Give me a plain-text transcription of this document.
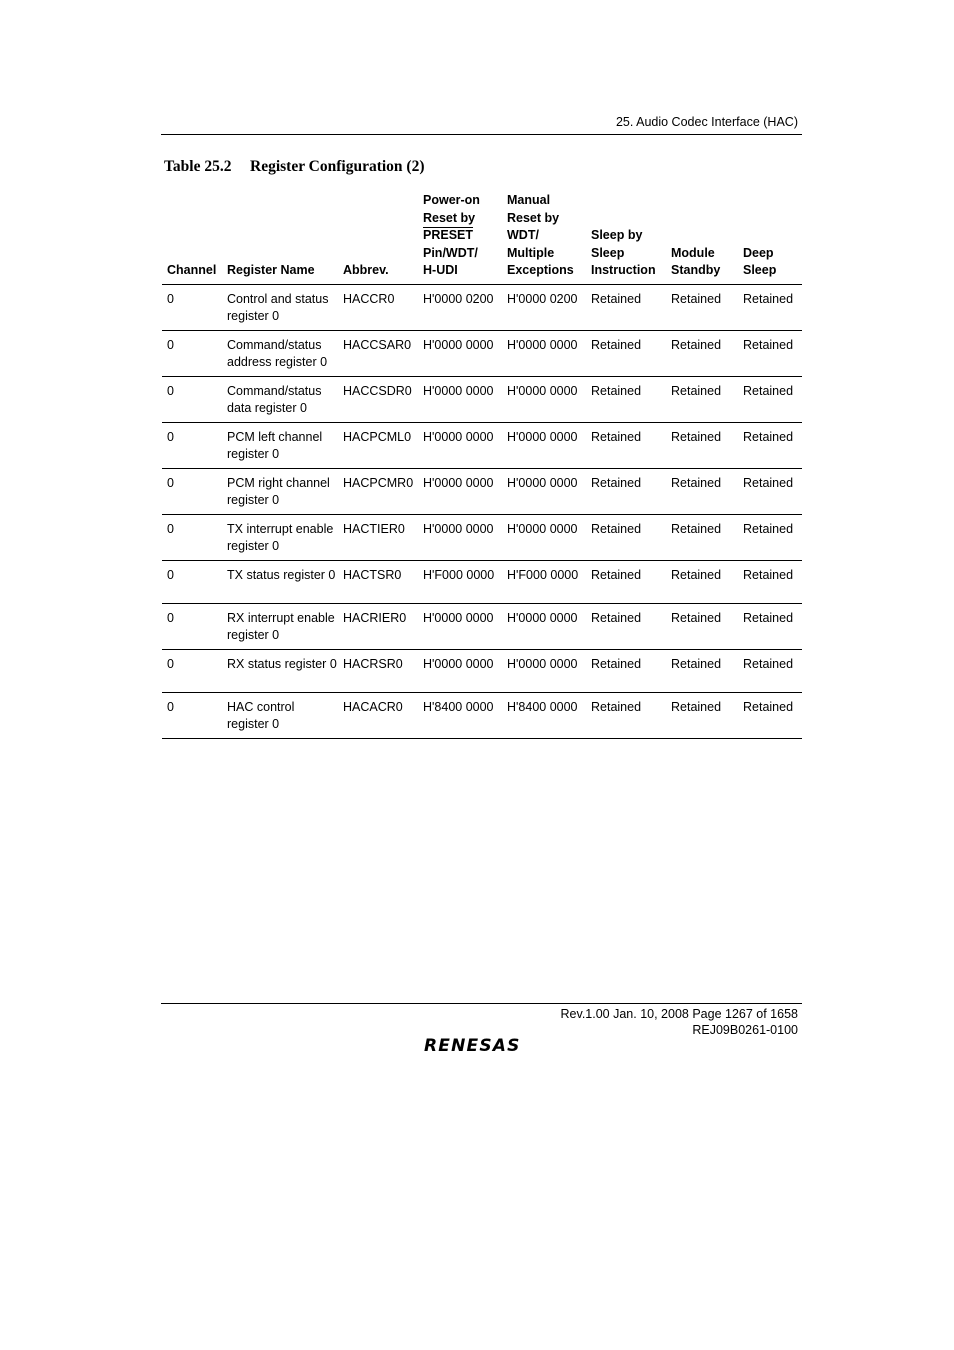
25. Audio Codec Interface (HAC)
Table 25.2 Register Configuration (2)
Channel	Register Name	Abbrev.	Power-on
Reset by
PRESET
Pin/WDT/
H-UDI	Manual
Reset by
WDT/
Multiple
Exceptions	Sleep by Sleep Instruction	Module Standby	Deep Sleep
0	Control and status register 0	HACCR0	H'0000 0200	H'0000 0200	Retained	Retained	Retained
0	Command/status address register 0	HACCSAR0	H'0000 0000	H'0000 0000	Retained	Retained	Retained
0	Command/status data register 0	HACCSDR0	H'0000 0000	H'0000 0000	Retained	Retained	Retained
0	PCM left channel register 0	HACPCML0	H'0000 0000	H'0000 0000	Retained	Retained	Retained
0	PCM right channel register 0	HACPCMR0	H'0000 0000	H'0000 0000	Retained	Retained	Retained
0	TX interrupt enable register 0	HACTIER0	H'0000 0000	H'0000 0000	Retained	Retained	Retained
0	TX status register 0	HACTSR0	H'F000 0000	H'F000 0000	Retained	Retained	Retained
0	RX interrupt enable register 0	HACRIER0	H'0000 0000	H'0000 0000	Retained	Retained	Retained
0	RX status register 0	HACRSR0	H'0000 0000	H'0000 0000	Retained	Retained	Retained
0	HAC control register 0	HACACR0	H'8400 0000	H'8400 0000	Retained	Retained	Retained
Rev.1.00 Jan. 10, 2008 Page 1267 of 1658
REJ09B0261-0100
RENESAS
